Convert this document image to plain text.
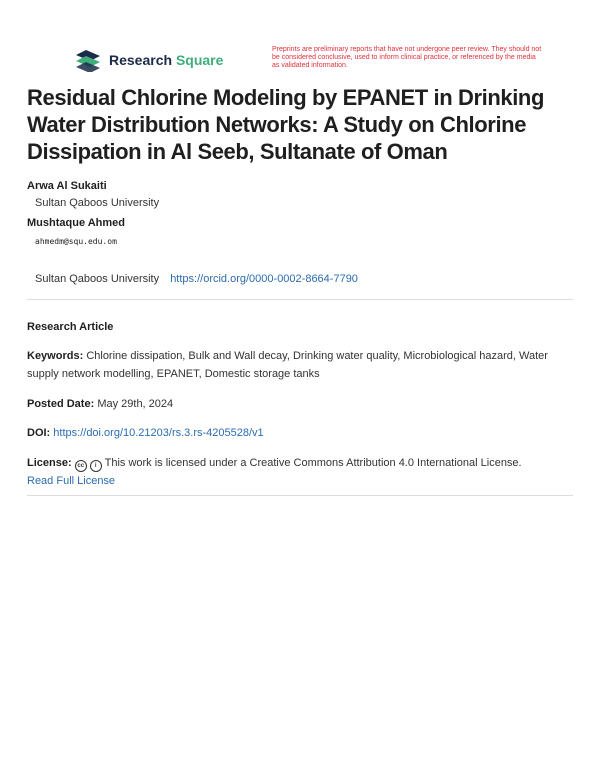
Research Square
Preprints are preliminary reports that have not undergone peer review. They should not be considered conclusive, used to inform clinical practice, or referenced by the media as validated information.
Residual Chlorine Modeling by EPANET in Drinking Water Distribution Networks: A Study on Chlorine Dissipation in Al Seeb, Sultanate of Oman
Arwa Al Sukaiti
Sultan Qaboos University
Mushtaque Ahmed
ahmedm@squ.edu.om
Sultan Qaboos University https://orcid.org/0000-0002-8664-7790
Research Article
Keywords: Chlorine dissipation, Bulk and Wall decay, Drinking water quality, Microbiological hazard, Water supply network modelling, EPANET, Domestic storage tanks
Posted Date: May 29th, 2024
DOI: https://doi.org/10.21203/rs.3.rs-4205528/v1
License: cc i This work is licensed under a Creative Commons Attribution 4.0 International License.
Read Full License
